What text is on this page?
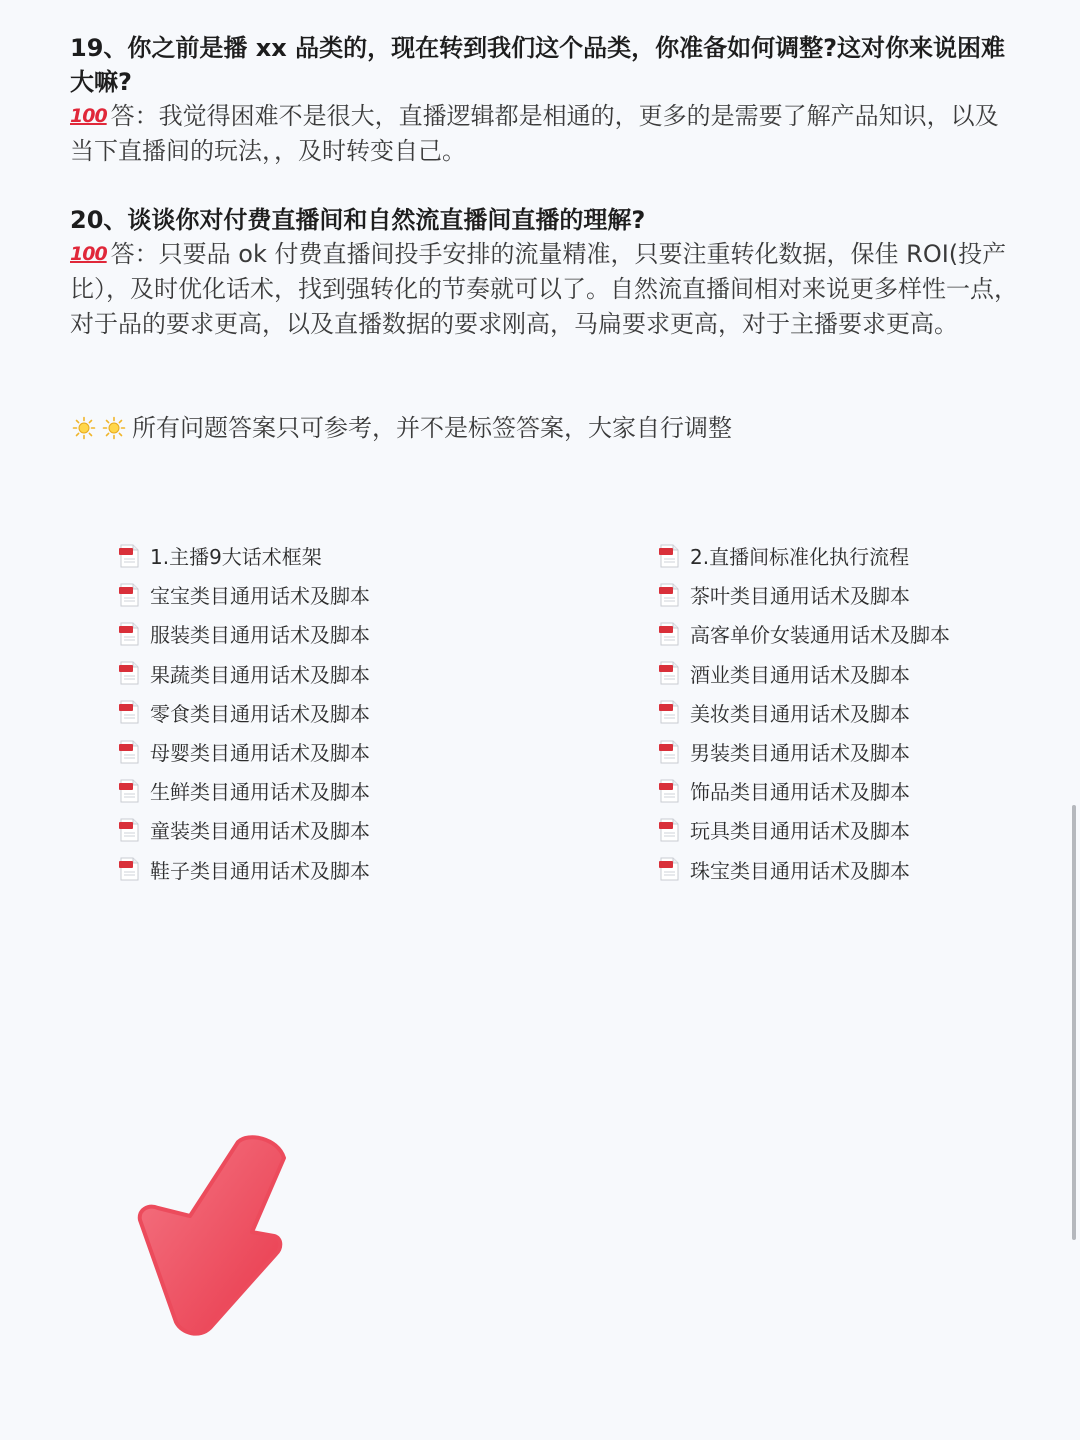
19、你之前是播 xx 品类的，现在转到我们这个品类，你准备如何调整?这对你来说困难大嘛?

100 答：我觉得困难不是很大，直播逻辑都是相通的，更多的是需要了解产品知识，以及当下直播间的玩法，，及时转变自己。

20、谈谈你对付费直播间和自然流直播间直播的理解?

100 答：只要品 ok 付费直播间投手安排的流量精准，只要注重转化数据，保佳 ROI(投产比），及时优化话术，找到强转化的节奏就可以了。自然流直播间相对来说更多样性一点，对于品的要求更高，以及直播数据的要求刚高，马扁要求更高，对于主播要求更高。

所有问题答案只可参考，并不是标签答案，大家自行调整
1.主播9大话术框架
宝宝类目通用话术及脚本
服装类目通用话术及脚本
果蔬类目通用话术及脚本
零食类目通用话术及脚本
母婴类目通用话术及脚本
生鲜类目通用话术及脚本
童装类目通用话术及脚本
鞋子类目通用话术及脚本
2.直播间标准化执行流程
茶叶类目通用话术及脚本
高客单价女装通用话术及脚本
酒业类目通用话术及脚本
美妆类目通用话术及脚本
男装类目通用话术及脚本
饰品类目通用话术及脚本
玩具类目通用话术及脚本
珠宝类目通用话术及脚本
